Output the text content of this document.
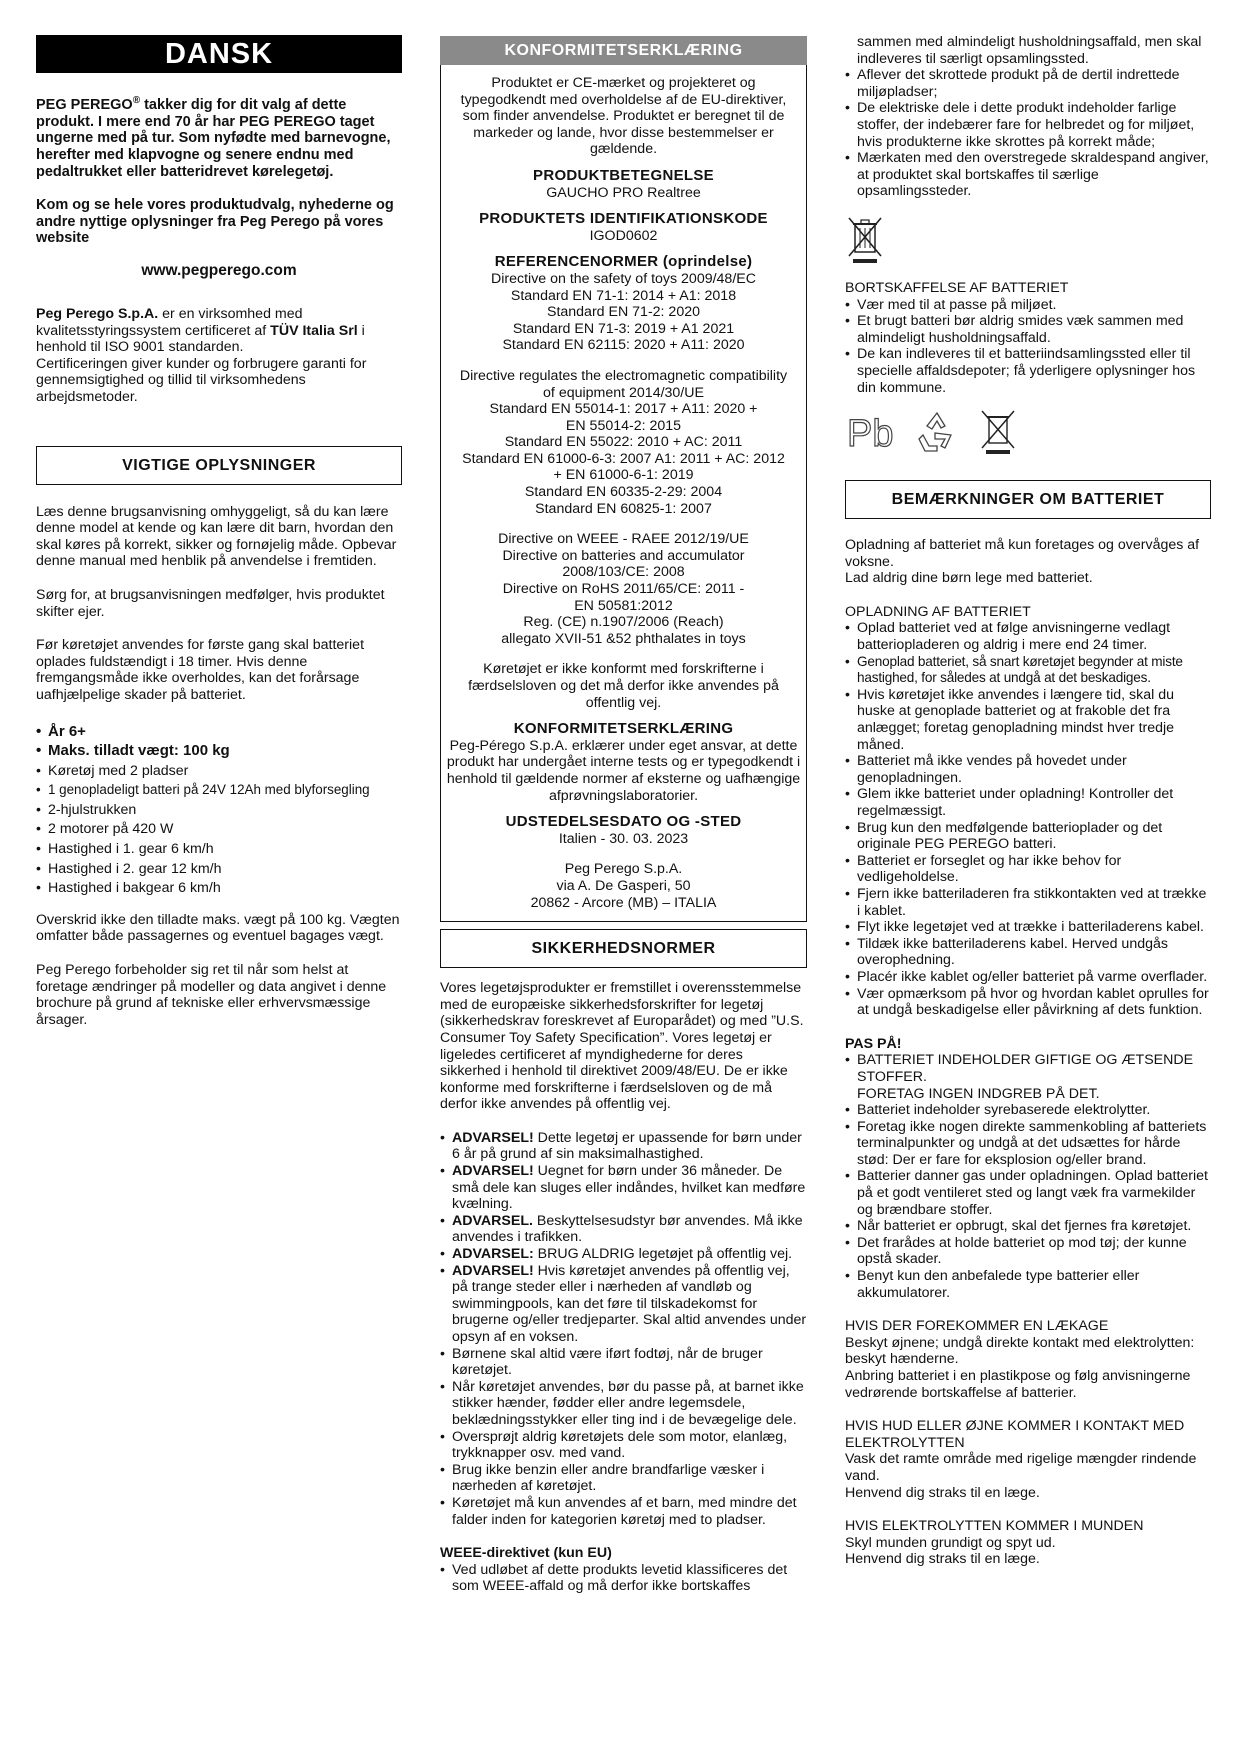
DANSK

PEG PEREGO® takker dig for dit valg af dette produkt. I mere end 70 år har PEG PEREGO taget ungerne med på tur. Som nyfødte med barnevogne, herefter med klapvogne og senere endnu med pedaltrukket eller batteridrevet kørelegetøj.

Kom og se hele vores produktudvalg, nyhederne og andre nyttige oplysninger fra Peg Perego på vores website

www.pegperego.com

Peg Perego S.p.A. er en virksomhed med kvalitetsstyringssystem certificeret af TÜV Italia Srl i henhold til ISO 9001 standarden.

Certificeringen giver kunder og forbrugere garanti for gennemsigtighed og tillid til virksomhedens arbejdsmetoder.

VIGTIGE OPLYSNINGER

Læs denne brugsanvisning omhyggeligt, så du kan lære denne model at kende og kan lære dit barn, hvordan den skal køres på korrekt, sikker og fornøjelig måde. Opbevar denne manual med henblik på anvendelse i fremtiden.

Sørg for, at brugsanvisningen medfølger, hvis produktet skifter ejer.

Før køretøjet anvendes for første gang skal batteriet oplades fuldstændigt i 18 timer. Hvis denne fremgangsmåde ikke overholdes, kan det forårsage uafhjælpelige skader på batteriet.

• År 6+
• Maks. tilladt vægt: 100 kg
• Køretøj med 2 pladser
• 1 genopladeligt batteri på 24V 12Ah med blyforsegling
• 2-hjulstrukken
• 2 motorer på 420 W
• Hastighed i 1. gear 6 km/h
• Hastighed i 2. gear 12 km/h
• Hastighed i bakgear 6 km/h

Overskrid ikke den tilladte maks. vægt på 100 kg. Vægten omfatter både passagernes og eventuel bagages vægt.

Peg Perego forbeholder sig ret til når som helst at foretage ændringer på modeller og data angivet i denne brochure på grund af tekniske eller erhvervsmæssige årsager.

KONFORMITETSERKLÆRING

Produktet er CE-mærket og projekteret og typegodkendt med overholdelse af de EU-direktiver, som finder anvendelse. Produktet er beregnet til de markeder og lande, hvor disse bestemmelser er gældende.

PRODUKTBETEGNELSE

GAUCHO PRO Realtree

PRODUKTETS IDENTIFIKATIONSKODE

IGOD0602

REFERENCENORMER (oprindelse)

Directive on the safety of toys 2009/48/EC

Standard EN 71-1: 2014 + A1: 2018

Standard EN 71-2: 2020

Standard EN 71-3: 2019 + A1 2021

Standard EN 62115: 2020 + A11: 2020

Directive regulates the electromagnetic compatibility

of equipment 2014/30/UE

Standard EN 55014-1: 2017 + A11: 2020 +

EN 55014-2: 2015

Standard EN 55022: 2010 + AC: 2011

Standard EN 61000-6-3: 2007 A1: 2011 + AC: 2012

+ EN 61000-6-1: 2019

Standard EN 60335-2-29: 2004

Standard EN 60825-1: 2007

Directive on WEEE - RAEE 2012/19/UE

Directive on batteries and accumulator

2008/103/CE: 2008

Directive on RoHS 2011/65/CE: 2011 -

EN 50581:2012

Reg. (CE) n.1907/2006 (Reach)

allegato XVII-51 &52 phthalates in toys

Køretøjet er ikke konformt med forskrifterne i færdselsloven og det må derfor ikke anvendes på offentlig vej.

KONFORMITETSERKLÆRING

Peg-Pérego S.p.A. erklærer under eget ansvar, at dette produkt har undergået interne tests og er typegodkendt i henhold til gældende normer af eksterne og uafhængige afprøvningslaboratorier.

UDSTEDELSESDATO OG -STED

Italien - 30. 03. 2023

Peg Perego S.p.A.

via A. De Gasperi, 50

20862 - Arcore (MB) – ITALIA

SIKKERHEDSNORMER

Vores legetøjsprodukter er fremstillet i overensstemmelse med de europæiske sikkerhedsforskrifter for legetøj (sikkerhedskrav foreskrevet af Europarådet) og med ”U.S. Consumer Toy Safety Specification”. Vores legetøj er ligeledes certificeret af myndighederne for deres sikkerhed i henhold til direktivet 2009/48/EU. De er ikke konforme med forskrifterne i færdselsloven og de må derfor ikke anvendes på offentlig vej.

• ADVARSEL! Dette legetøj er upassende for børn under 6 år på grund af sin maksimalhastighed.
• ADVARSEL! Uegnet for børn under 36 måneder. De små dele kan sluges eller indåndes, hvilket kan medføre kvælning.
• ADVARSEL. Beskyttelsesudstyr bør anvendes. Må ikke anvendes i trafikken.
• ADVARSEL: BRUG ALDRIG legetøjet på offentlig vej.
• ADVARSEL! Hvis køretøjet anvendes på offentlig vej, på trange steder eller i nærheden af vandløb og swimmingpools, kan det føre til tilskadekomst for brugerne og/eller tredjeparter. Skal altid anvendes under opsyn af en voksen.
• Børnene skal altid være iført fodtøj, når de bruger køretøjet.
• Når køretøjet anvendes, bør du passe på, at barnet ikke stikker hænder, fødder eller andre legemsdele, beklædningsstykker eller ting ind i de bevægelige dele.
• Oversprøjt aldrig køretøjets dele som motor, elanlæg, trykknapper osv. med vand.
• Brug ikke benzin eller andre brandfarlige væsker i nærheden af køretøjet.
• Køretøjet må kun anvendes af et barn, med mindre det falder inden for kategorien køretøj med to pladser.

WEEE-direktivet (kun EU)

• Ved udløbet af dette produkts levetid klassificeres det som WEEE-affald og må derfor ikke bortskaffes

sammen med almindeligt husholdningsaffald, men skal indleveres til særligt opsamlingssted.

• Aflever det skrottede produkt på de dertil indrettede miljøpladser;
• De elektriske dele i dette produkt indeholder farlige stoffer, der indebærer fare for helbredet og for miljøet, hvis produkterne ikke skrottes på korrekt måde;
• Mærkaten med den overstregede skraldespand angiver, at produktet skal bortskaffes til særlige opsamlingssteder.

BORTSKAFFELSE AF BATTERIET

• Vær med til at passe på miljøet.
• Et brugt batteri bør aldrig smides væk sammen med almindeligt husholdningsaffald.
• De kan indleveres til et batteriindsamlingssted eller til specielle affaldsdepoter; få yderligere oplysninger hos din kommune.
Pb
BEMÆRKNINGER OM BATTERIET

Opladning af batteriet må kun foretages og overvåges af voksne.

Lad aldrig dine børn lege med batteriet.

OPLADNING AF BATTERIET

• Oplad batteriet ved at følge anvisningerne vedlagt batteriopladeren og aldrig i mere end 24 timer.
• Genoplad batteriet, så snart køretøjet begynder at miste hastighed, for således at undgå at det beskadiges.
• Hvis køretøjet ikke anvendes i længere tid, skal du huske at genoplade batteriet og at frakoble det fra anlægget; foretag genopladning mindst hver tredje måned.
• Batteriet må ikke vendes på hovedet under genopladningen.
• Glem ikke batteriet under opladning! Kontroller det regelmæssigt.
• Brug kun den medfølgende batterioplader og det originale PEG PEREGO batteri.
• Batteriet er forseglet og har ikke behov for vedligeholdelse.
• Fjern ikke batteriladeren fra stikkontakten ved at trække i kablet.
• Flyt ikke legetøjet ved at trække i batteriladerens kabel.
• Tildæk ikke batteriladerens kabel. Herved undgås overophedning.
• Placér ikke kablet og/eller batteriet på varme overflader.
• Vær opmærksom på hvor og hvordan kablet oprulles for at undgå beskadigelse eller påvirkning af dets funktion.

PAS PÅ!

• BATTERIET INDEHOLDER GIFTIGE OG ÆTSENDE STOFFER.
FORETAG INGEN INDGREB PÅ DET.
• Batteriet indeholder syrebaserede elektrolytter.
• Foretag ikke nogen direkte sammenkobling af batteriets terminalpunkter og undgå at det udsættes for hårde stød: Der er fare for eksplosion og/eller brand.
• Batterier danner gas under opladningen. Oplad batteriet på et godt ventileret sted og langt væk fra varmekilder og brændbare stoffer.
• Når batteriet er opbrugt, skal det fjernes fra køretøjet.
• Det frarådes at holde batteriet op mod tøj; der kunne opstå skader.
• Benyt kun den anbefalede type batterier eller akkumulatorer.

HVIS DER FOREKOMMER EN LÆKAGE

Beskyt øjnene; undgå direkte kontakt med elektrolytten: beskyt hænderne.

Anbring batteriet i en plastikpose og følg anvisningerne vedrørende bortskaffelse af batterier.

HVIS HUD ELLER ØJNE KOMMER I KONTAKT MED ELEKTROLYTTEN

Vask det ramte område med rigelige mængder rindende vand.

Henvend dig straks til en læge.

HVIS ELEKTROLYTTEN KOMMER I MUNDEN

Skyl munden grundigt og spyt ud.

Henvend dig straks til en læge.
